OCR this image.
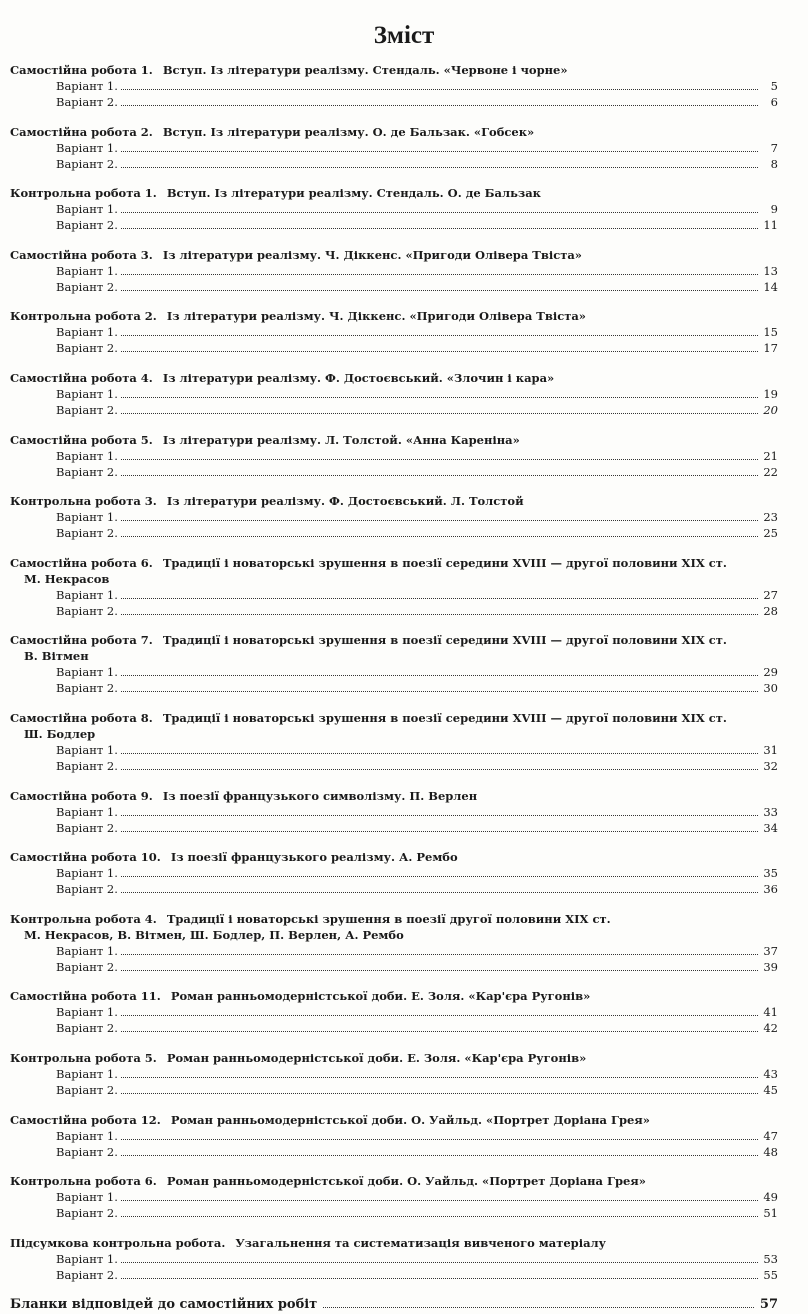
Зміст
Самостійна робота 1. Вступ. Із літератури реалізму. Стендаль. «Червоне і чорне»
Варіант 1.	5
Варіант 2.	6
Самостійна робота 2. Вступ. Із літератури реалізму. О. де Бальзак. «Гобсек»
Варіант 1.	7
Варіант 2.	8
Контрольна робота 1. Вступ. Із літератури реалізму. Стендаль. О. де Бальзак
Варіант 1.	9
Варіант 2.	11
Самостійна робота 3. Із літератури реалізму. Ч. Діккенс. «Пригоди Олівера Твіста»
Варіант 1.	13
Варіант 2.	14
Контрольна робота 2. Із літератури реалізму. Ч. Діккенс. «Пригоди Олівера Твіста»
Варіант 1.	15
Варіант 2.	17
Самостійна робота 4. Із літератури реалізму. Ф. Достоєвський. «Злочин і кара»
Варіант 1.	19
Варіант 2.	20
Самостійна робота 5. Із літератури реалізму. Л. Толстой. «Анна Кареніна»
Варіант 1.	21
Варіант 2.	22
Контрольна робота 3. Із літератури реалізму. Ф. Достоєвський. Л. Толстой
Варіант 1.	23
Варіант 2.	25
Самостійна робота 6. Традиції і новаторські зрушення в поезії середини XVIII — другої половини XIX ст.
М. Некрасов
Варіант 1.	27
Варіант 2.	28
Самостійна робота 7. Традиції і новаторські зрушення в поезії середини XVIII — другої половини XIX ст.
В. Вітмен
Варіант 1.	29
Варіант 2.	30
Самостійна робота 8. Традиції і новаторські зрушення в поезії середини XVIII — другої половини XIX ст.
Ш. Бодлер
Варіант 1.	31
Варіант 2.	32
Самостійна робота 9. Із поезії французького символізму. П. Верлен
Варіант 1.	33
Варіант 2.	34
Самостійна робота 10. Із поезії французького реалізму. А. Рембо
Варіант 1.	35
Варіант 2.	36
Контрольна робота 4. Традиції і новаторські зрушення в поезії другої половини XIX ст.
М. Некрасов, В. Вітмен, Ш. Бодлер, П. Верлен, А. Рембо
Варіант 1.	37
Варіант 2.	39
Самостійна робота 11. Роман ранньомодерністської доби. Е. Золя. «Кар'єра Ругонів»
Варіант 1.	41
Варіант 2.	42
Контрольна робота 5. Роман ранньомодерністської доби. Е. Золя. «Кар'єра Ругонів»
Варіант 1.	43
Варіант 2.	45
Самостійна робота 12. Роман ранньомодерністської доби. О. Уайльд. «Портрет Доріана Грея»
Варіант 1.	47
Варіант 2.	48
Контрольна робота 6. Роман ранньомодерністської доби. О. Уайльд. «Портрет Доріана Грея»
Варіант 1.	49
Варіант 2.	51
Підсумкова контрольна робота. Узагальнення та систематизація вивченого матеріалу
Варіант 1.	53
Варіант 2.	55
Бланки відповідей до самостійних робіт	57
